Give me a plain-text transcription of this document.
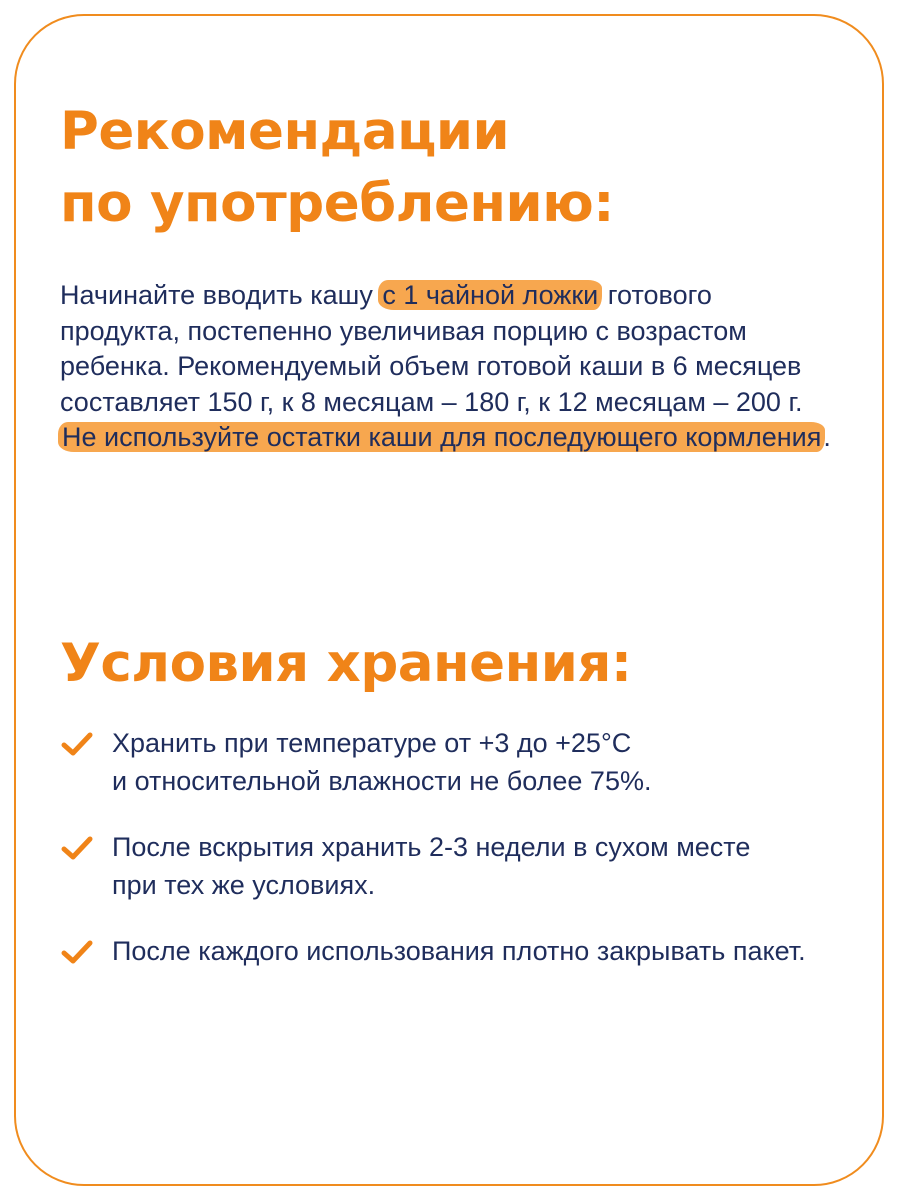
Рекомендации
по употреблению:

Начинайте вводить кашу с 1 чайной ложки готового
продукта, постепенно увеличивая порцию с возрастом
ребенка. Рекомендуемый объем готовой каши в 6 месяцев
составляет 150 г, к 8 месяцам – 180 г, к 12 месяцам – 200 г.
Не используйте остатки каши для последующего кормления.

Условия хранения:
Хранить при температуре от +3 до +25°C
и относительной влажности не более 75%.
После вскрытия хранить 2-3 недели в сухом месте
при тех же условиях.
После каждого использования плотно закрывать пакет.
